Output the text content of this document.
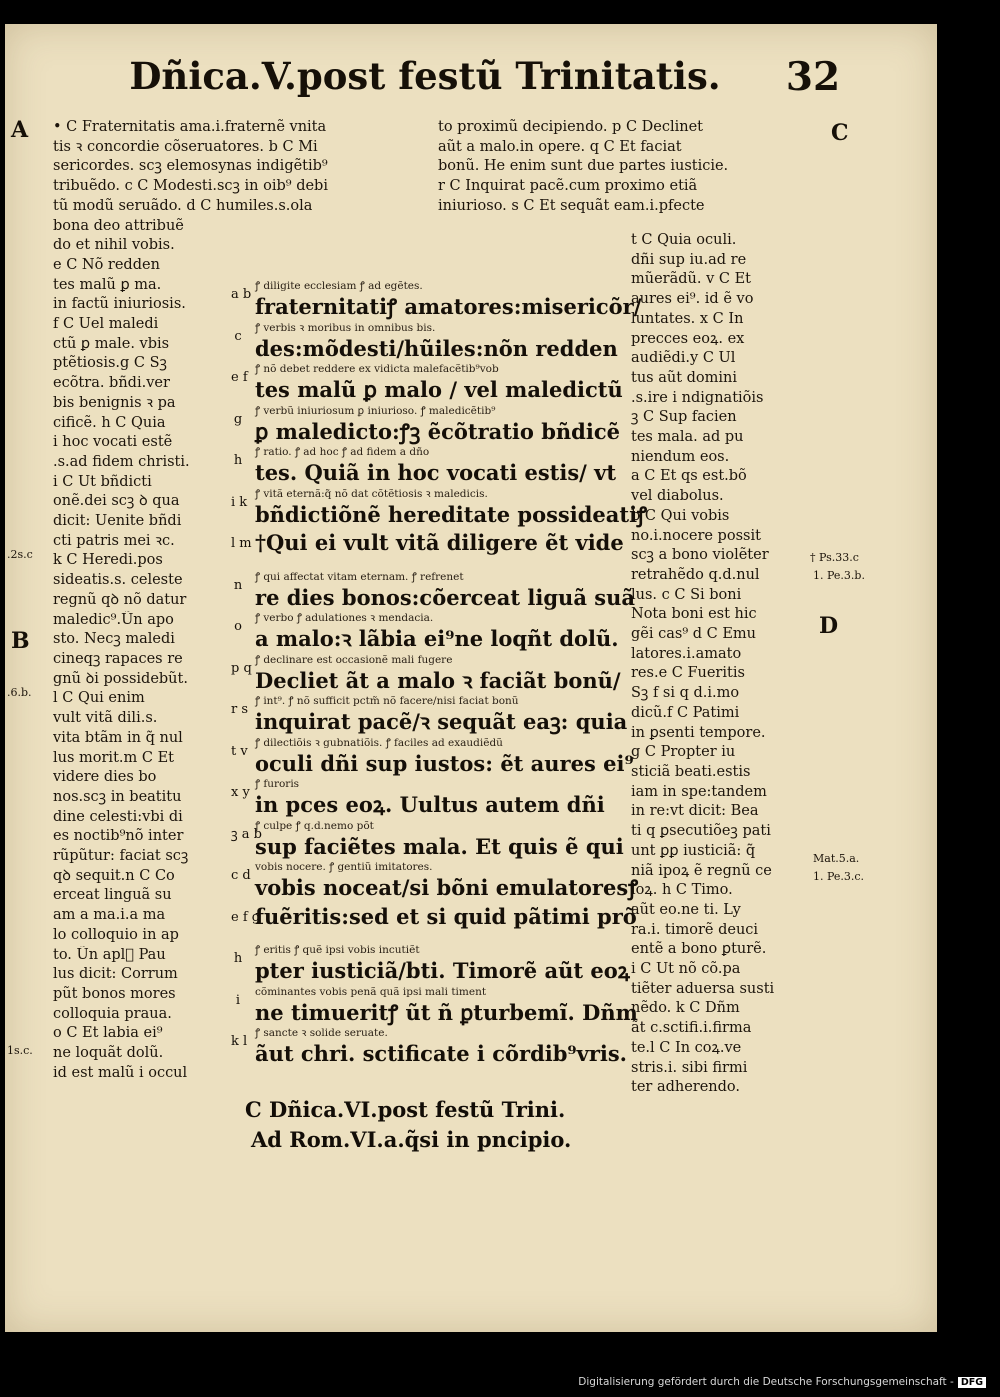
Dñica.V.post festũ Trinitatis.	32
A
B
C
D
• C Fraternitatis ama.i.fraternẽ vnita
tis ꝛ concordie cõseruatores. b C Mi
sericordes. scꝫ elemosynas indigẽtib⁹
tribuẽdo. c C Modesti.scꝫ in oib⁹ debi
tũ modũ seruãdo. d C humiles.s.ola
bona deo attribuẽ
do et nihil vobis.
e C Nõ redden
tes malũ ꝑ ma.
in factũ iniuriosis.
f C Uel maledi
ctũ ꝑ male. vbis
ptẽtiosis.g C Sꝫ
ecõtra. bñdi.ver
bis benignis ꝛ pa
cificẽ. h C Quia
i hoc vocati estẽ
.s.ad fidem christi.
i C Ut bñdicti
onẽ.dei scꝫ ꝺ qua
dicit: Uenite bñdi
cti patris mei ꝛc.
k C Heredi.pos
sideatis.s. celeste
regnũ qꝺ nõ datur
maledic⁹.Ũn apo
sto. Necꝫ maledi
cineqꝫ rapaces re
gnũ ꝺi possidebũt.
l C Qui enim
vult vitã dili.s.
vita btãm in q̃ nul
lus morit.m C Et
videre dies bo
nos.scꝫ in beatitu
dine celesti:vbi di
es noctib⁹nõ inter
rũpũtur: faciat scꝫ
qꝺ sequit.n C Co
erceat linguã su
am a ma.i.a ma
lo colloquio in ap
to. Ũn aplᷤ Pau
lus dicit: Corrum
pũt bonos mores
colloquia praua.
o C Et labia ei⁹
ne loquãt dolũ.
id est malũ i occul
to proximũ decipiendo. p C Declinet
aũt a malo.in opere. q C Et faciat
bonũ. He enim sunt due partes iusticie.
r C Inquirat pacẽ.cum proximo etiã
iniurioso. s C Et sequãt eam.i.pfecte
t C Quia oculi.
dñi sup iu.ad re
mũerãdũ. v C Et
aures ei⁹. id ẽ vo
luntates. x C In
precces eoꝝ. ex
audiẽdi.y C Ul
tus aũt domini
.s.ire i ndignatiõis
ꝫ C Sup facien
tes mala. ad pu
niendum eos.
a C Et qs est.bõ
vel diabolus.
b C Qui vobis
no.i.nocere possit
scꝫ a bono violẽter
retrahẽdo q.d.nul
lus. c C Si boni
Nota boni est hic
gẽi cas⁹ d C Emu
latores.i.amato
res.e C Fueritis
Sꝫ f si q d.i.mo
dicũ.f C Patimi
in ꝑsenti tempore.
g C Propter iu
sticiã beati.estis
iam in spe:tandem
in re:vt dicit: Bea
ti q ꝑsecutiõeꝫ pati
unt ꝑꝑ iusticiã: q̃
niã ipoꝝ ẽ regnũ ce
loꝝ. h C Timo.
aũt eo.ne ti. Ly
ra.i. timorẽ deuci
entẽ a bono ꝑturẽ.
i C Ut nõ cõ.pa
tiẽter aduersa susti
nẽdo. k C Dñm
ãt c.sctifi.i.firma
te.l C In coꝝ.ve
stris.i. sibi firmi
ter adherendo.
a b
ꝭ diligite ecclesiam ꝭ ad egẽtes.
fraternitatiꝭ amatores:misericõr/
c
ꝭ verbis ꝛ moribus in omnibus bis.
des:mõdesti/hũiles:nõn redden
e f
ꝭ nõ debet reddere ex vidicta malefacẽtib⁹vob
tes malũ ꝑ malo / vel maledictũ
g
ꝭ verbũ iniuriosum ꝑ iniurioso. ꝭ maledicẽtib⁹
ꝑ maledicto:ꝭꝫ ẽcõtratio bñdicẽ
h
ꝭ ratio. ꝭ ad hoc ꝭ ad fidem a dño
tes. Quiã in hoc vocati estis/ vt
i k
ꝭ vitã eternã:q̃ nõ dat cõtẽtiosis ꝛ maledicis.
bñdictiõnẽ hereditate possideatiꝭ
l m †Qui ei vult vitã diligere ẽt vide
n
ꝭ qui affectat vitam eternam. ꝭ refrenet
re dies bonos:cõerceat liguã suã
o
ꝭ verbo ꝭ adulationes ꝛ mendacia.
a malo:ꝛ lãbia ei⁹ne loqñt dolũ.
p q
ꝭ declinare est occasionẽ mali fugere
Decliet ãt a malo ꝛ faciãt bonũ/
r s
ꝭ int⁹. ꝭ nõ sufficit pctm̃ nõ facere/nisi faciat bonũ
inquirat pacẽ/ꝛ sequãt eaꝫ: quia
t v
ꝭ dilectiõis ꝛ gubnatiõis. ꝭ faciles ad exaudiẽdũ
oculi dñi sup iustos: ẽt aures ei⁹
x y
ꝭ furoris
in pces eoꝝ. Uultus autem dñi
ꝫ a b
ꝭ culpe ꝭ q.d.nemo põt
sup faciẽtes mala. Et quis ẽ qui
c d
vobis nocere. ꝭ gentiũ imitatores.
vobis noceat/si bõni emulatoresꝭ
e f g
fuẽritis:sed et si quid pãtimi prõ
h
ꝭ eritis ꝭ quẽ ipsi vobis incutiẽt
pter iusticiã/bti. Timorẽ aũt eoꝝ
i
cõminantes vobis penã quã ipsi mali timent
ne timueritꝭ ũt ñ ꝑturbemĩ. Dñm
k l
ꝭ sancte ꝛ solide seruate.
ãut chri. sctificate i cõrdib⁹vris.
C Dñica.VI.post festũ Trini.
Ad Rom.VI.a.q̃si in pncipio.
.2s.c
.6.b.
1s.c.
† Ps.33.c
1. Pe.3.b.
Mat.5.a.
1. Pe.3.c.
Digitalisierung gefördert durch die Deutsche Forschungsgemeinschaft - DFG
